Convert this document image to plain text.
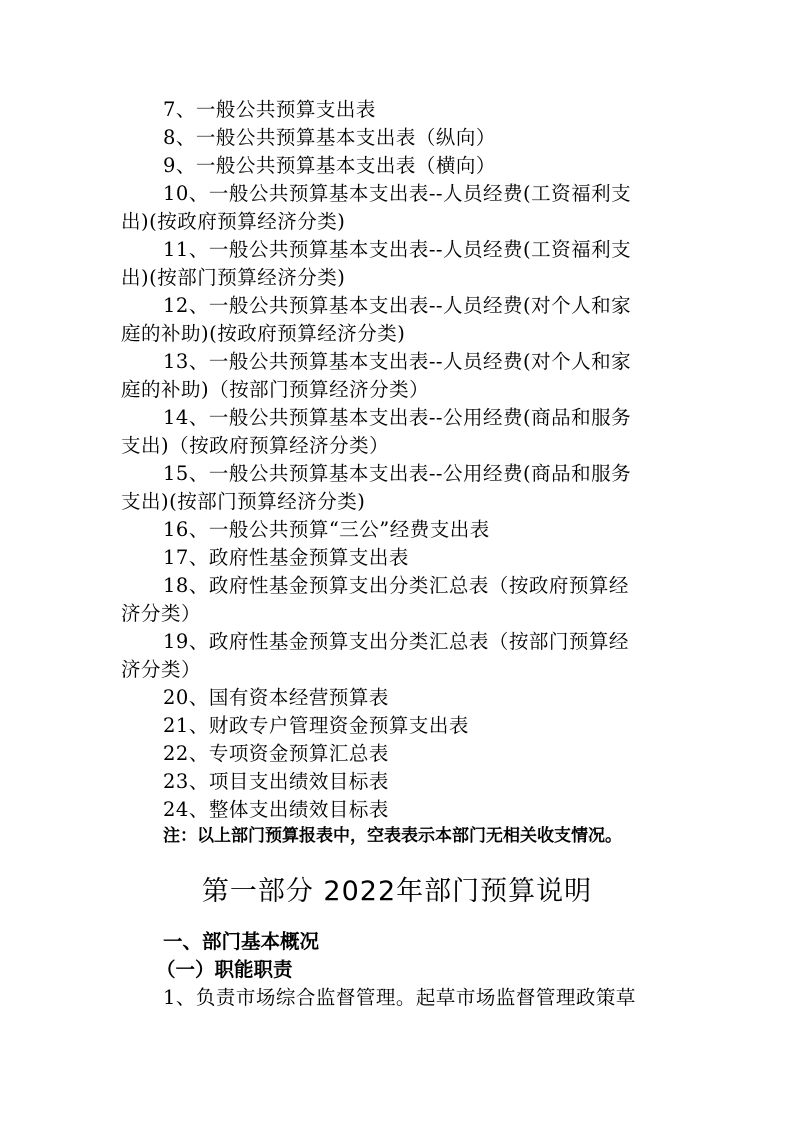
7、一般公共预算支出表

8、一般公共预算基本支出表（纵向）

9、一般公共预算基本支出表（横向）

10、一般公共预算基本支出表--人员经费(工资福利支

出)(按政府预算经济分类)

11、一般公共预算基本支出表--人员经费(工资福利支

出)(按部门预算经济分类)

12、一般公共预算基本支出表--人员经费(对个人和家

庭的补助)(按政府预算经济分类)

13、一般公共预算基本支出表--人员经费(对个人和家

庭的补助)（按部门预算经济分类）

14、一般公共预算基本支出表--公用经费(商品和服务

支出)（按政府预算经济分类）

15、一般公共预算基本支出表--公用经费(商品和服务

支出)(按部门预算经济分类)

16、一般公共预算“三公”经费支出表

17、政府性基金预算支出表

18、政府性基金预算支出分类汇总表（按政府预算经

济分类）

19、政府性基金预算支出分类汇总表（按部门预算经

济分类）

20、国有资本经营预算表

21、财政专户管理资金预算支出表

22、专项资金预算汇总表

23、项目支出绩效目标表

24、整体支出绩效目标表

注：以上部门预算报表中，空表表示本部门无相关收支情况。
第一部分 2022年部门预算说明
一、部门基本概况
（一）职能职责

1、负责市场综合监督管理。起草市场监督管理政策草
